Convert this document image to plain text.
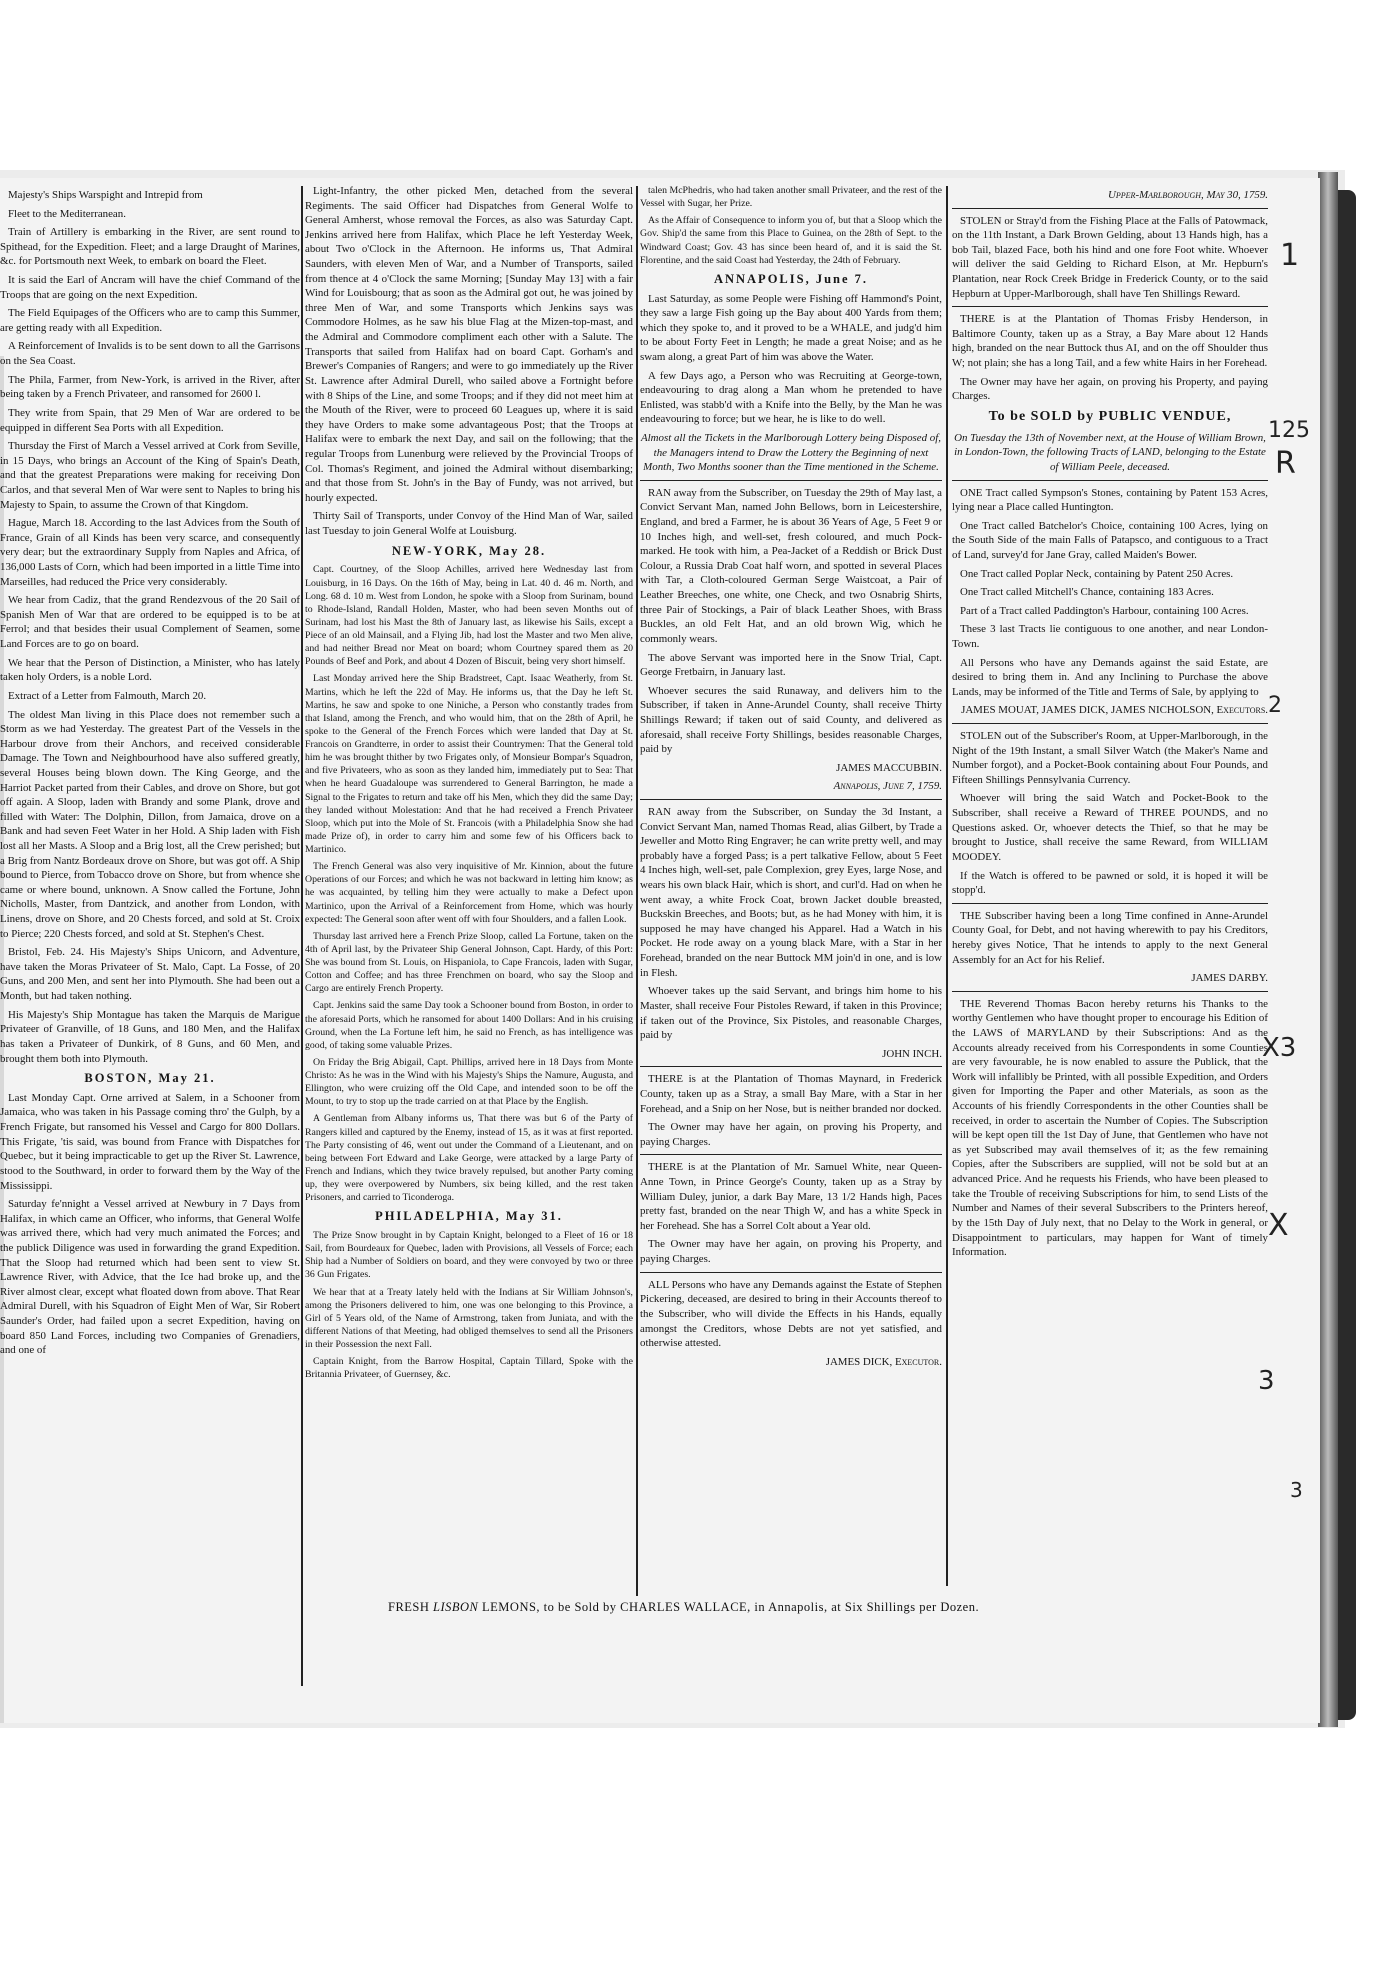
Majesty's Ships Warspight and Intrepid from

Fleet to the Mediterranean.

Train of Artillery is embarking in the River, are sent round to Spithead, for the Expedition. Fleet; and a large Draught of Marines, &c. for Portsmouth next Week, to embark on board the Fleet.

It is said the Earl of Ancram will have the chief Command of the Troops that are going on the next Expedition.

The Field Equipages of the Officers who are to camp this Summer, are getting ready with all Expedition.

A Reinforcement of Invalids is to be sent down to all the Garrisons on the Sea Coast.

The Phila, Farmer, from New-York, is arrived in the River, after being taken by a French Privateer, and ransomed for 2600 l.

They write from Spain, that 29 Men of War are ordered to be equipped in different Sea Ports with all Expedition.

Thursday the First of March a Vessel arrived at Cork from Seville, in 15 Days, who brings an Account of the King of Spain's Death, and that the greatest Preparations were making for receiving Don Carlos, and that several Men of War were sent to Naples to bring his Majesty to Spain, to assume the Crown of that Kingdom.

Hague, March 18. According to the last Advices from the South of France, Grain of all Kinds has been very scarce, and consequently very dear; but the extraordinary Supply from Naples and Africa, of 136,000 Lasts of Corn, which had been imported in a little Time into Marseilles, had reduced the Price very considerably.

We hear from Cadiz, that the grand Rendezvous of the 20 Sail of Spanish Men of War that are ordered to be equipped is to be at Ferrol; and that besides their usual Complement of Seamen, some Land Forces are to go on board.

We hear that the Person of Distinction, a Minister, who has lately taken holy Orders, is a noble Lord.

Extract of a Letter from Falmouth, March 20.

The oldest Man living in this Place does not remember such a Storm as we had Yesterday. The greatest Part of the Vessels in the Harbour drove from their Anchors, and received considerable Damage. The Town and Neighbourhood have also suffered greatly, several Houses being blown down. The King George, and the Harriot Packet parted from their Cables, and drove on Shore, but got off again. A Sloop, laden with Brandy and some Plank, drove and filled with Water: The Dolphin, Dillon, from Jamaica, drove on a Bank and had seven Feet Water in her Hold. A Ship laden with Fish lost all her Masts. A Sloop and a Brig lost, all the Crew perished; but a Brig from Nantz Bordeaux drove on Shore, but was got off. A Ship bound to Pierce, from Tobacco drove on Shore, but from whence she came or where bound, unknown. A Snow called the Fortune, John Nicholls, Master, from Dantzick, and another from London, with Linens, drove on Shore, and 20 Chests forced, and sold at St. Croix to Pierce; 220 Chests forced, and sold at St. Stephen's Chest.

Bristol, Feb. 24. His Majesty's Ships Unicorn, and Adventure, have taken the Moras Privateer of St. Malo, Capt. La Fosse, of 20 Guns, and 200 Men, and sent her into Plymouth. She had been out a Month, but had taken nothing.

His Majesty's Ship Montague has taken the Marquis de Marigue Privateer of Granville, of 18 Guns, and 180 Men, and the Halifax has taken a Privateer of Dunkirk, of 8 Guns, and 60 Men, and brought them both into Plymouth.

BOSTON, May 21.

Last Monday Capt. Orne arrived at Salem, in a Schooner from Jamaica, who was taken in his Passage coming thro' the Gulph, by a French Frigate, but ransomed his Vessel and Cargo for 800 Dollars. This Frigate, 'tis said, was bound from France with Dispatches for Quebec, but it being impracticable to get up the River St. Lawrence, stood to the Southward, in order to forward them by the Way of the Mississippi.

Saturday fe'nnight a Vessel arrived at Newbury in 7 Days from Halifax, in which came an Officer, who informs, that General Wolfe was arrived there, which had very much animated the Forces; and the publick Diligence was used in forwarding the grand Expedition. That the Sloop had returned which had been sent to view St. Lawrence River, with Advice, that the Ice had broke up, and the River almost clear, except what floated down from above. That Rear Admiral Durell, with his Squadron of Eight Men of War, Sir Robert Saunder's Order, had failed upon a secret Expedition, having on board 850 Land Forces, including two Companies of Grenadiers, and one of

Light-Infantry, the other picked Men, detached from the several Regiments. The said Officer had Dispatches from General Wolfe to General Amherst, whose removal the Forces, as also was Saturday Capt. Jenkins arrived here from Halifax, which Place he left Yesterday Week, about Two o'Clock in the Afternoon. He informs us, That Admiral Saunders, with eleven Men of War, and a Number of Transports, sailed from thence at 4 o'Clock the same Morning; [Sunday May 13] with a fair Wind for Louisbourg; that as soon as the Admiral got out, he was joined by three Men of War, and some Transports which Jenkins says was Commodore Holmes, as he saw his blue Flag at the Mizen-top-mast, and the Admiral and Commodore compliment each other with a Salute. The Transports that sailed from Halifax had on board Capt. Gorham's and Brewer's Companies of Rangers; and were to go immediately up the River St. Lawrence after Admiral Durell, who sailed above a Fortnight before with 8 Ships of the Line, and some Troops; and if they did not meet him at the Mouth of the River, were to proceed 60 Leagues up, where it is said they have Orders to make some advantageous Post; that the Troops at Halifax were to embark the next Day, and sail on the following; that the regular Troops from Lunenburg were relieved by the Provincial Troops of Col. Thomas's Regiment, and joined the Admiral without disembarking; and that those from St. John's in the Bay of Fundy, was not arrived, but hourly expected.

Thirty Sail of Transports, under Convoy of the Hind Man of War, sailed last Tuesday to join General Wolfe at Louisburg.

NEW-YORK, May 28.

Capt. Courtney, of the Sloop Achilles, arrived here Wednesday last from Louisburg, in 16 Days. On the 16th of May, being in Lat. 40 d. 46 m. North, and Long. 68 d. 10 m. West from London, he spoke with a Sloop from Surinam, bound to Rhode-Island, Randall Holden, Master, who had been seven Months out of Surinam, had lost his Mast the 8th of January last, as likewise his Sails, except a Piece of an old Mainsail, and a Flying Jib, had lost the Master and two Men alive, and had neither Bread nor Meat on board; whom Courtney spared them as 20 Pounds of Beef and Pork, and about 4 Dozen of Biscuit, being very short himself.

Last Monday arrived here the Ship Bradstreet, Capt. Isaac Weatherly, from St. Martins, which he left the 22d of May. He informs us, that the Day he left St. Martins, he saw and spoke to one Niniche, a Person who constantly trades from that Island, among the French, and who would him, that on the 28th of April, he spoke to the General of the French Forces which were landed that Day at St. Francois on Grandterre, in order to assist their Countrymen: That the General told him he was brought thither by two Frigates only, of Monsieur Bompar's Squadron, and five Privateers, who as soon as they landed him, immediately put to Sea: That when he heard Guadaloupe was surrendered to General Barrington, he made a Signal to the Frigates to return and take off his Men, which they did the same Day; they landed without Molestation: And that he had received a French Privateer Sloop, which put into the Mole of St. Francois (with a Philadelphia Snow she had made Prize of), in order to carry him and some few of his Officers back to Martinico.

The French General was also very inquisitive of Mr. Kinnion, about the future Operations of our Forces; and which he was not backward in letting him know; as he was acquainted, by telling him they were actually to make a Defect upon Martinico, upon the Arrival of a Reinforcement from Home, which was hourly expected: The General soon after went off with four Shoulders, and a fallen Look.

Thursday last arrived here a French Prize Sloop, called La Fortune, taken on the 4th of April last, by the Privateer Ship General Johnson, Capt. Hardy, of this Port: She was bound from St. Louis, on Hispaniola, to Cape Francois, laden with Sugar, Cotton and Coffee; and has three Frenchmen on board, who say the Sloop and Cargo are entirely French Property.

Capt. Jenkins said the same Day took a Schooner bound from Boston, in order to the aforesaid Ports, which he ransomed for about 1400 Dollars: And in his cruising Ground, when the La Fortune left him, he said no French, as has intelligence was good, of taking some valuable Prizes.

On Friday the Brig Abigail, Capt. Phillips, arrived here in 18 Days from Monte Christo: As he was in the Wind with his Majesty's Ships the Namure, Augusta, and Ellington, who were cruizing off the Old Cape, and intended soon to be off the Mount, to try to stop up the trade carried on at that Place by the English.

A Gentleman from Albany informs us, That there was but 6 of the Party of Rangers killed and captured by the Enemy, instead of 15, as it was at first reported. The Party consisting of 46, went out under the Command of a Lieutenant, and on being between Fort Edward and Lake George, were attacked by a large Party of French and Indians, which they twice bravely repulsed, but another Party coming up, they were overpowered by Numbers, six being killed, and the rest taken Prisoners, and carried to Ticonderoga.

PHILADELPHIA, May 31.

The Prize Snow brought in by Captain Knight, belonged to a Fleet of 16 or 18 Sail, from Bourdeaux for Quebec, laden with Provisions, all Vessels of Force; each Ship had a Number of Soldiers on board, and they were convoyed by two or three 36 Gun Frigates.

We hear that at a Treaty lately held with the Indians at Sir William Johnson's, among the Prisoners delivered to him, one was one belonging to this Province, a Girl of 5 Years old, of the Name of Armstrong, taken from Juniata, and with the different Nations of that Meeting, had obliged themselves to send all the Prisoners in their Possession the next Fall.

Captain Knight, from the Barrow Hospital, Captain Tillard, Spoke with the Britannia Privateer, of Guernsey, &c.

talen McPhedris, who had taken another small Privateer, and the rest of the Vessel with Sugar, her Prize.

As the Affair of Consequence to inform you of, but that a Sloop which the Gov. Ship'd the same from this Place to Guinea, on the 28th of Sept. to the Windward Coast; Gov. 43 has since been heard of, and it is said the St. Florentine, and the said Coast had Yesterday, the 24th of February.

ANNAPOLIS, June 7.

Last Saturday, as some People were Fishing off Hammond's Point, they saw a large Fish going up the Bay about 400 Yards from them; which they spoke to, and it proved to be a WHALE, and judg'd him to be about Forty Feet in Length; he made a great Noise; and as he swam along, a great Part of him was above the Water.

A few Days ago, a Person who was Recruiting at George-town, endeavouring to drag along a Man whom he pretended to have Enlisted, was stabb'd with a Knife into the Belly, by the Man he was endeavouring to force; but we hear, he is like to do well.

Almost all the Tickets in the Marlborough Lottery being Disposed of, the Managers intend to Draw the Lottery the Beginning of next Month, Two Months sooner than the Time mentioned in the Scheme.

RAN away from the Subscriber, on Tuesday the 29th of May last, a Convict Servant Man, named John Bellows, born in Leicestershire, England, and bred a Farmer, he is about 36 Years of Age, 5 Feet 9 or 10 Inches high, and well-set, fresh coloured, and much Pock-marked. He took with him, a Pea-Jacket of a Reddish or Brick Dust Colour, a Russia Drab Coat half worn, and spotted in several Places with Tar, a Cloth-coloured German Serge Waistcoat, a Pair of Leather Breeches, one white, one Check, and two Osnabrig Shirts, three Pair of Stockings, a Pair of black Leather Shoes, with Brass Buckles, an old Felt Hat, and an old brown Wig, which he commonly wears.

The above Servant was imported here in the Snow Trial, Capt. George Fretbairn, in January last.

Whoever secures the said Runaway, and delivers him to the Subscriber, if taken in Anne-Arundel County, shall receive Thirty Shillings Reward; if taken out of said County, and delivered as aforesaid, shall receive Forty Shillings, besides reasonable Charges, paid by

JAMES MACCUBBIN.

Annapolis, June 7, 1759.

RAN away from the Subscriber, on Sunday the 3d Instant, a Convict Servant Man, named Thomas Read, alias Gilbert, by Trade a Jeweller and Motto Ring Engraver; he can write pretty well, and may probably have a forged Pass; is a pert talkative Fellow, about 5 Feet 4 Inches high, well-set, pale Complexion, grey Eyes, large Nose, and wears his own black Hair, which is short, and curl'd. Had on when he went away, a white Frock Coat, brown Jacket double breasted, Buckskin Breeches, and Boots; but, as he had Money with him, it is supposed he may have changed his Apparel. Had a Watch in his Pocket. He rode away on a young black Mare, with a Star in her Forehead, branded on the near Buttock MM join'd in one, and is low in Flesh.

Whoever takes up the said Servant, and brings him home to his Master, shall receive Four Pistoles Reward, if taken in this Province; if taken out of the Province, Six Pistoles, and reasonable Charges, paid by

JOHN INCH.

THERE is at the Plantation of Thomas Maynard, in Frederick County, taken up as a Stray, a small Bay Mare, with a Star in her Forehead, and a Snip on her Nose, but is neither branded nor docked.

The Owner may have her again, on proving his Property, and paying Charges.

THERE is at the Plantation of Mr. Samuel White, near Queen-Anne Town, in Prince George's County, taken up as a Stray by William Duley, junior, a dark Bay Mare, 13 1/2 Hands high, Paces pretty fast, branded on the near Thigh W, and has a white Speck in her Forehead. She has a Sorrel Colt about a Year old.

The Owner may have her again, on proving his Property, and paying Charges.

ALL Persons who have any Demands against the Estate of Stephen Pickering, deceased, are desired to bring in their Accounts thereof to the Subscriber, who will divide the Effects in his Hands, equally amongst the Creditors, whose Debts are not yet satisfied, and otherwise attested.

JAMES DICK, Executor.

Upper-Marlborough, May 30, 1759.

STOLEN or Stray'd from the Fishing Place at the Falls of Patowmack, on the 11th Instant, a Dark Brown Gelding, about 13 Hands high, has a bob Tail, blazed Face, both his hind and one fore Foot white. Whoever will deliver the said Gelding to Richard Elson, at Mr. Hepburn's Plantation, near Rock Creek Bridge in Frederick County, or to the said Hepburn at Upper-Marlborough, shall have Ten Shillings Reward.

THERE is at the Plantation of Thomas Frisby Henderson, in Baltimore County, taken up as a Stray, a Bay Mare about 12 Hands high, branded on the near Buttock thus AI, and on the off Shoulder thus W; not plain; she has a long Tail, and a few white Hairs in her Forehead.

The Owner may have her again, on proving his Property, and paying Charges.

To be SOLD by PUBLIC VENDUE,

On Tuesday the 13th of November next, at the House of William Brown, in London-Town, the following Tracts of LAND, belonging to the Estate of William Peele, deceased.

ONE Tract called Sympson's Stones, containing by Patent 153 Acres, lying near a Place called Huntington.

One Tract called Batchelor's Choice, containing 100 Acres, lying on the South Side of the main Falls of Patapsco, and contiguous to a Tract of Land, survey'd for Jane Gray, called Maiden's Bower.

One Tract called Poplar Neck, containing by Patent 250 Acres.

One Tract called Mitchell's Chance, containing 183 Acres.

Part of a Tract called Paddington's Harbour, containing 100 Acres.

These 3 last Tracts lie contiguous to one another, and near London-Town.

All Persons who have any Demands against the said Estate, are desired to bring them in. And any Inclining to Purchase the above Lands, may be informed of the Title and Terms of Sale, by applying to

JAMES MOUAT, JAMES DICK, JAMES NICHOLSON, Executors.

STOLEN out of the Subscriber's Room, at Upper-Marlborough, in the Night of the 19th Instant, a small Silver Watch (the Maker's Name and Number forgot), and a Pocket-Book containing about Four Pounds, and Fifteen Shillings Pennsylvania Currency.

Whoever will bring the said Watch and Pocket-Book to the Subscriber, shall receive a Reward of THREE POUNDS, and no Questions asked. Or, whoever detects the Thief, so that he may be brought to Justice, shall receive the same Reward, from WILLIAM MOODEY.

If the Watch is offered to be pawned or sold, it is hoped it will be stopp'd.

THE Subscriber having been a long Time confined in Anne-Arundel County Goal, for Debt, and not having wherewith to pay his Creditors, hereby gives Notice, That he intends to apply to the next General Assembly for an Act for his Relief.

JAMES DARBY.

THE Reverend Thomas Bacon hereby returns his Thanks to the worthy Gentlemen who have thought proper to encourage his Edition of the LAWS of MARYLAND by their Subscriptions: And as the Accounts already received from his Correspondents in some Counties are very favourable, he is now enabled to assure the Publick, that the Work will infallibly be Printed, with all possible Expedition, and Orders given for Importing the Paper and other Materials, as soon as the Accounts of his friendly Correspondents in the other Counties shall be received, in order to ascertain the Number of Copies. The Subscription will be kept open till the 1st Day of June, that Gentlemen who have not as yet Subscribed may avail themselves of it; as the few remaining Copies, after the Subscribers are supplied, will not be sold but at an advanced Price. And he requests his Friends, who have been pleased to take the Trouble of receiving Subscriptions for him, to send Lists of the Number and Names of their several Subscribers to the Printers hereof, by the 15th Day of July next, that no Delay to the Work in general, or Disappointment to particulars, may happen for Want of timely Information.

FRESH LISBON LEMONS, to be Sold by CHARLES WALLACE, in Annapolis, at Six Shillings per Dozen.
1
125
R
2
X3
X
3
3
